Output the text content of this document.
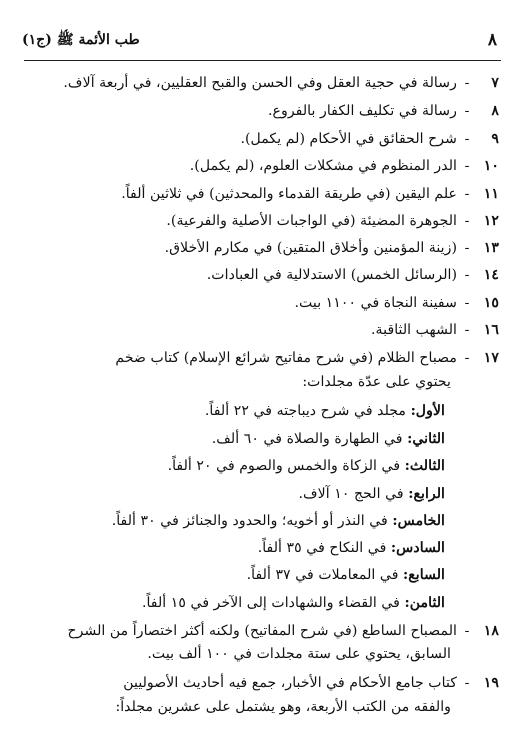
٨
طب الأئمة ﷺ (ج١)
٧-رسالة في حجية العقل وفي الحسن والقبح العقليين، في أربعة آلاف.
٨-رسالة في تكليف الكفار بالفروع.
٩-شرح الحقائق في الأحكام (لم يكمل).
١٠-الدر المنظوم في مشكلات العلوم، (لم يكمل).
١١-علم اليقين (في طريقة القدماء والمحدثين) في ثلاثين ألفاً.
١٢-الجوهرة المضيئة (في الواجبات الأصلية والفرعية).
١٣-(زينة المؤمنين وأخلاق المتقين) في مكارم الأخلاق.
١٤-(الرسائل الخمس) الاستدلالية في العبادات.
١٥-سفينة النجاة في ١١٠٠ بيت.
١٦-الشهب الثاقبة.
١٧-مصباح الظلام (في شرح مفاتيح شرائع الإسلام) كتاب ضخم
يحتوي على عدّة مجلدات:
الأول: مجلد في شرح ديباجته في ٢٢ ألفاً.
الثاني: في الطهارة والصلاة في ٦٠ ألف.
الثالث: في الزكاة والخمس والصوم في ٢٠ ألفاً.
الرابع: في الحج ١٠ آلاف.
الخامس: في النذر أو أخويه؛ والحدود والجنائز في ٣٠ ألفاً.
السادس: في النكاح في ٣٥ ألفاً.
السابع: في المعاملات في ٣٧ ألفاً.
الثامن: في القضاء والشهادات إلى الآخر في ١٥ ألفاً.
١٨-المصباح الساطع (في شرح المفاتيح) ولكنه أكثر اختصاراً من الشرح
السابق، يحتوي على ستة مجلدات في ١٠٠ ألف بيت.
١٩-كتاب جامع الأحكام في الأخبار، جمع فيه أحاديث الأصوليين
والفقه من الكتب الأربعة، وهو يشتمل على عشرين مجلداً:
